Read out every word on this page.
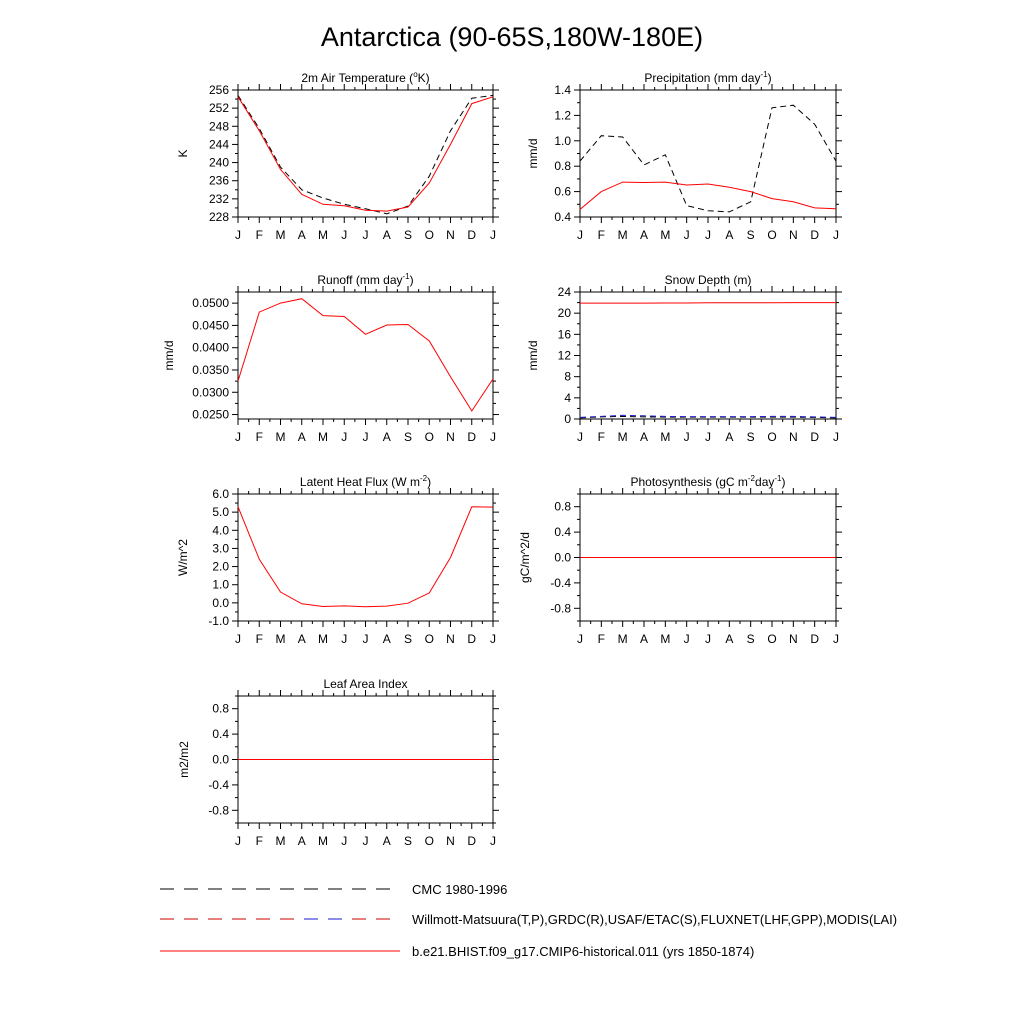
Antarctica (90-65S,180W-180E)
2m Air Temperature ($^o$K)
J F M A M J J A S O N D J
228
232
236
240
244
248
252
256
K
Precipitation (mm day$^{-1}$)
J F M A M J J A S O N D J
0.4
0.6
0.8
1.0
1.2
1.4
mm/d
Runoff (mm day$^{-1}$)
J F M A M J J A S O N D J
0.0250
0.0300
0.0350
0.0400
0.0450
0.0500
mm/d
Snow Depth (m)
J F M A M J J A S O N D J
0
4
8
12
16
20
24
mm/d
Latent Heat Flux (W $m^{-2}$)
J F M A M J J A S O N D J
-1.0
0.0
1.0
2.0
3.0
4.0
5.0
6.0
W/m^2
Photosynthesis (gC $m^{-2}day^{-1}$)
J F M A M J J A S O N D J
-0.8
-0.4
0.0
0.4
0.8
gC/m^2/d
Leaf Area Index
J F M A M J J A S O N D J
-0.8
-0.4
0.0
0.4
0.8
m2/m2
CMC 1980-1996
Willmott-Matsuura(T,P),GRDC(R),USAF/ETAC(S),FLUXNET(LHF,GPP),MODIS(LAI)
b.e21.BHIST.f09_g17.CMIP6-historical.011 (yrs 1850-1874)
